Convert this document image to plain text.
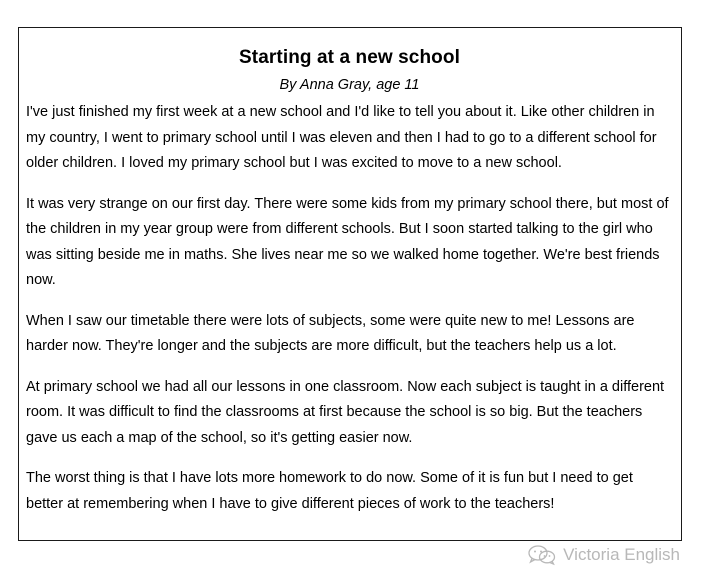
Starting at a new school
By Anna Gray, age 11

I've just finished my first week at a new school and I'd like to tell you about it. Like other children in my country, I went to primary school until I was eleven and then I had to go to a different school for older children. I loved my primary school but I was excited to move to a new school.

It was very strange on our first day. There were some kids from my primary school there, but most of the children in my year group were from different schools. But I soon started talking to the girl who was sitting beside me in maths. She lives near me so we walked home together. We're best friends now.

When I saw our timetable there were lots of subjects, some were quite new to me! Lessons are harder now. They're longer and the subjects are more difficult, but the teachers help us a lot.

At primary school we had all our lessons in one classroom. Now each subject is taught in a different room. It was difficult to find the classrooms at first because the school is so big. But the teachers gave us each a map of the school, so it's getting easier now.

The worst thing is that I have lots more homework to do now. Some of it is fun but I need to get better at remembering when I have to give different pieces of work to the teachers!

Victoria English
